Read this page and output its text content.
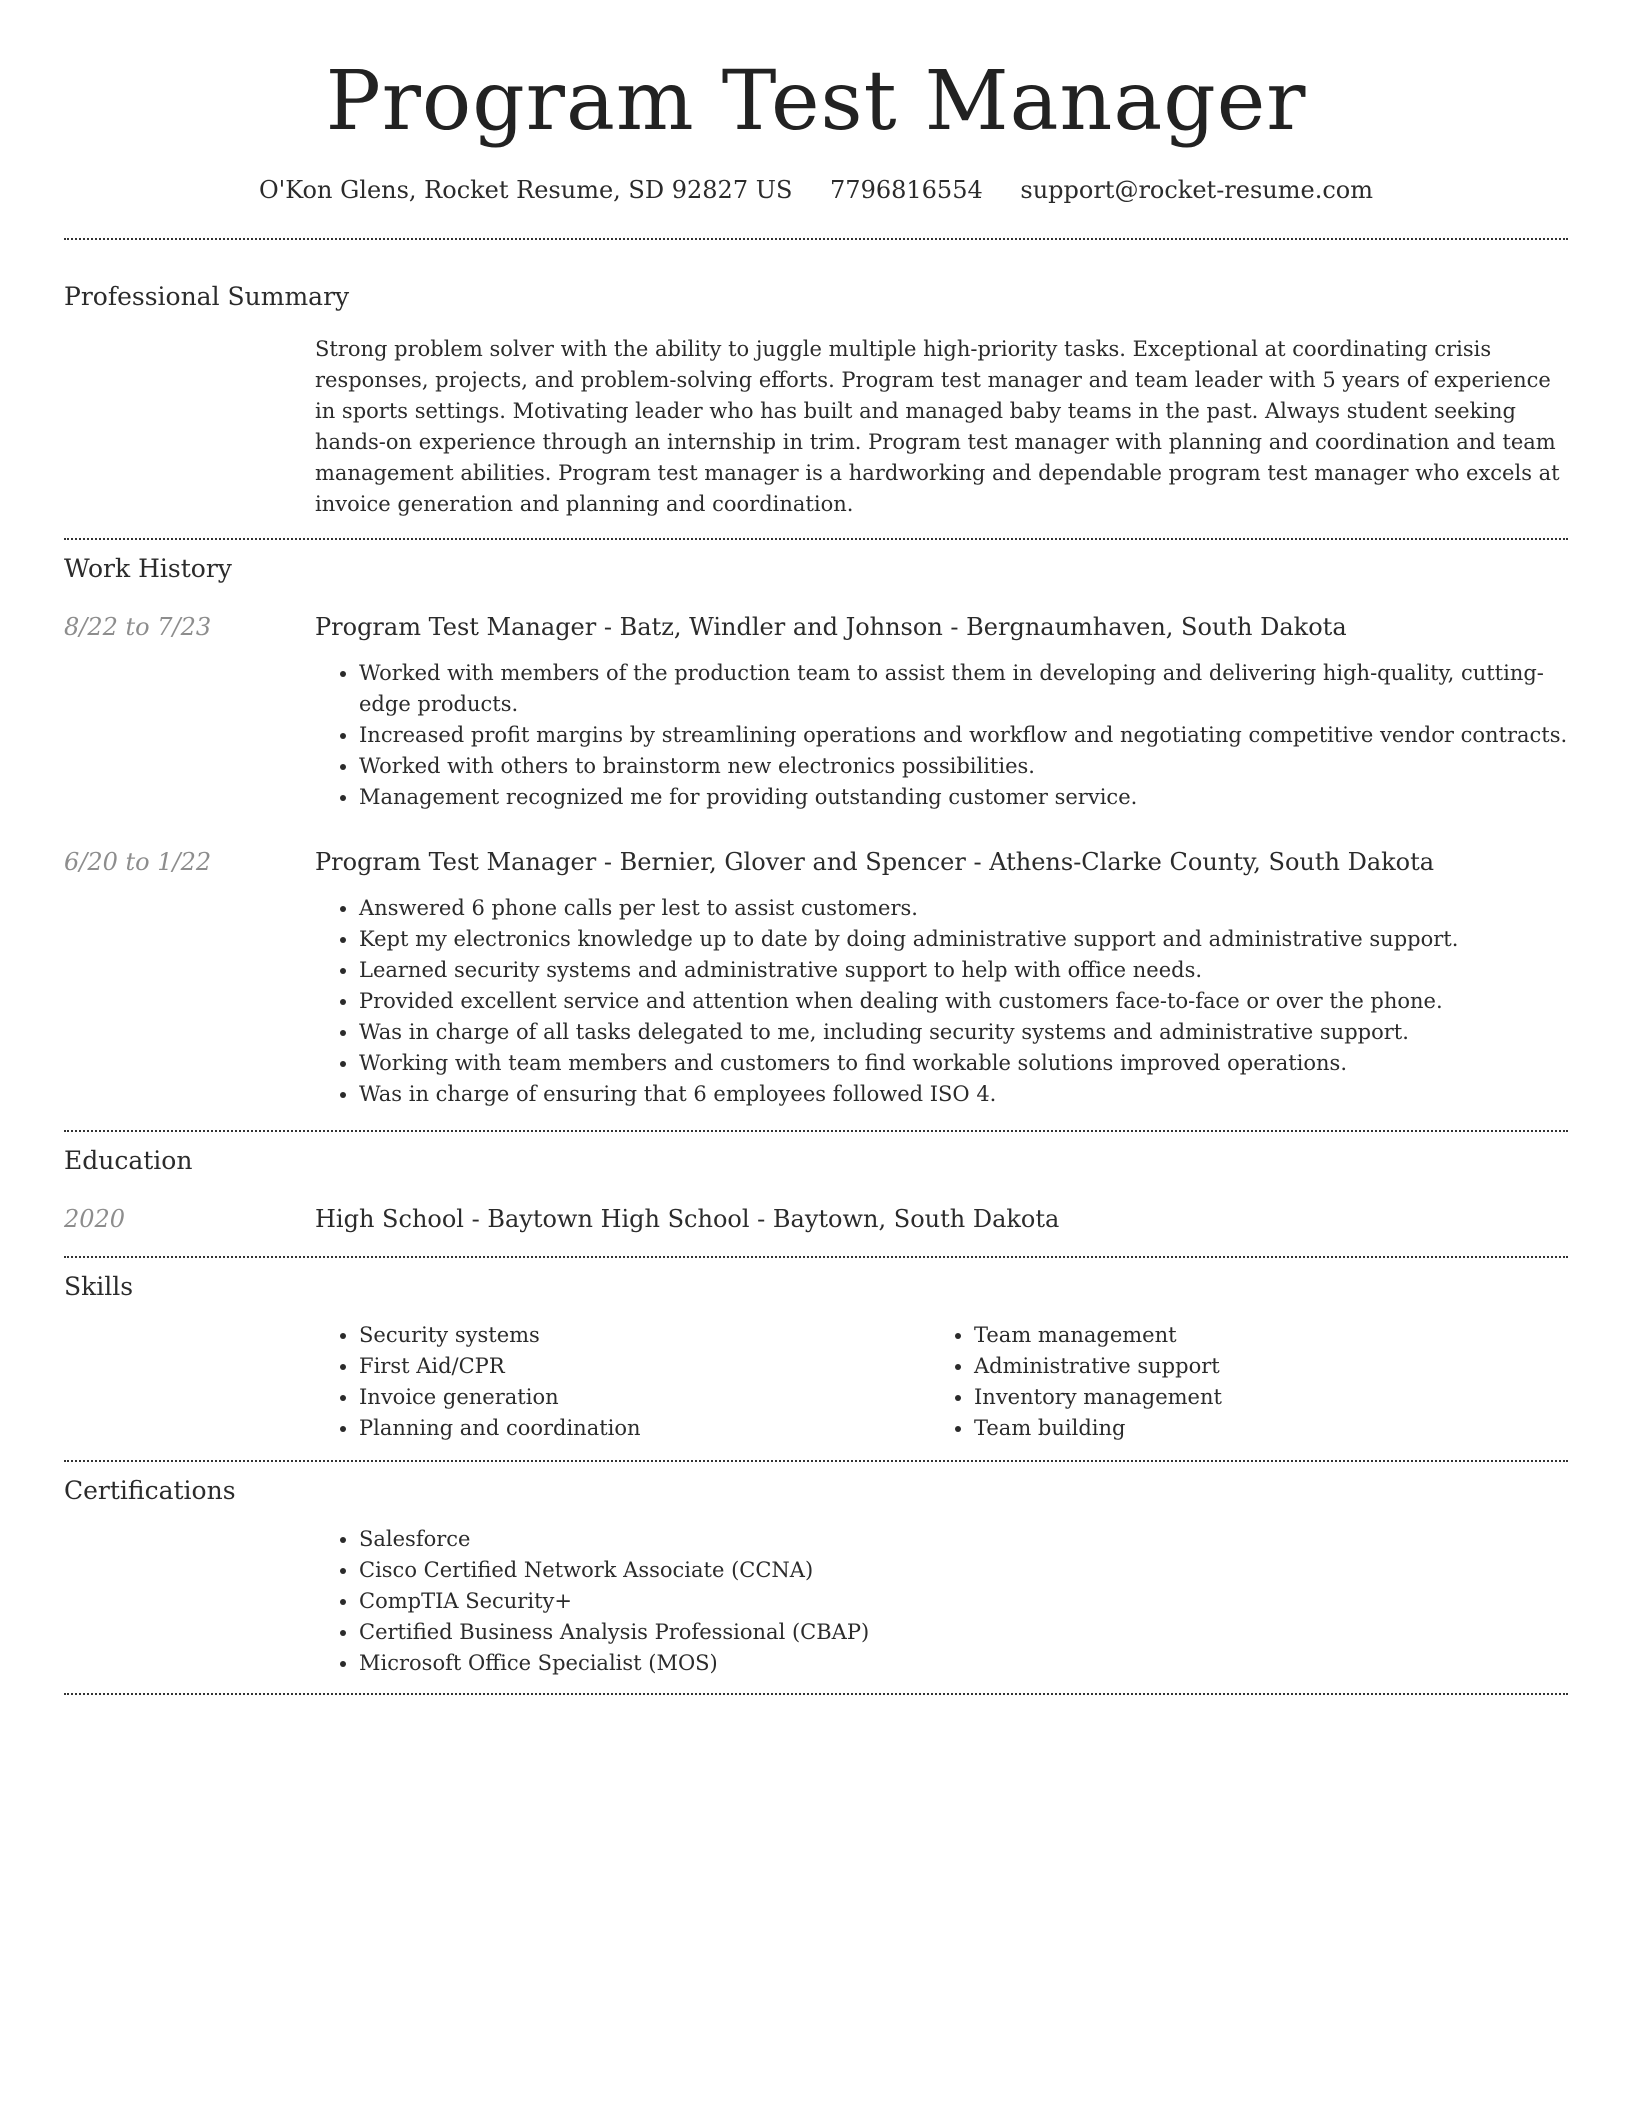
Program Test Manager
O'Kon Glens, Rocket Resume, SD 92827 US 7796816554 support@rocket-resume.com
Professional Summary
Strong problem solver with the ability to juggle multiple high-priority tasks. Exceptional at coordinating crisis responses, projects, and problem-solving efforts. Program test manager and team leader with 5 years of experience in sports settings. Motivating leader who has built and managed baby teams in the past. Always student seeking hands-on experience through an internship in trim. Program test manager with planning and coordination and team management abilities. Program test manager is a hardworking and dependable program test manager who excels at invoice generation and planning and coordination.
Work History
8/22 to 7/23	Program Test Manager - Batz, Windler and Johnson - Bergnaumhaven, South Dakota
• Worked with members of the production team to assist them in developing and delivering high-quality, cutting-edge products.
• Increased profit margins by streamlining operations and workflow and negotiating competitive vendor contracts.
• Worked with others to brainstorm new electronics possibilities.
• Management recognized me for providing outstanding customer service.
6/20 to 1/22	Program Test Manager - Bernier, Glover and Spencer - Athens-Clarke County, South Dakota
• Answered 6 phone calls per lest to assist customers.
• Kept my electronics knowledge up to date by doing administrative support and administrative support.
• Learned security systems and administrative support to help with office needs.
• Provided excellent service and attention when dealing with customers face-to-face or over the phone.
• Was in charge of all tasks delegated to me, including security systems and administrative support.
• Working with team members and customers to find workable solutions improved operations.
• Was in charge of ensuring that 6 employees followed ISO 4.
Education
2020	High School - Baytown High School - Baytown, South Dakota
Skills
• Security systems
• First Aid/CPR
• Invoice generation
• Planning and coordination
• Team management
• Administrative support
• Inventory management
• Team building
Certifications
• Salesforce
• Cisco Certified Network Associate (CCNA)
• CompTIA Security+
• Certified Business Analysis Professional (CBAP)
• Microsoft Office Specialist (MOS)
